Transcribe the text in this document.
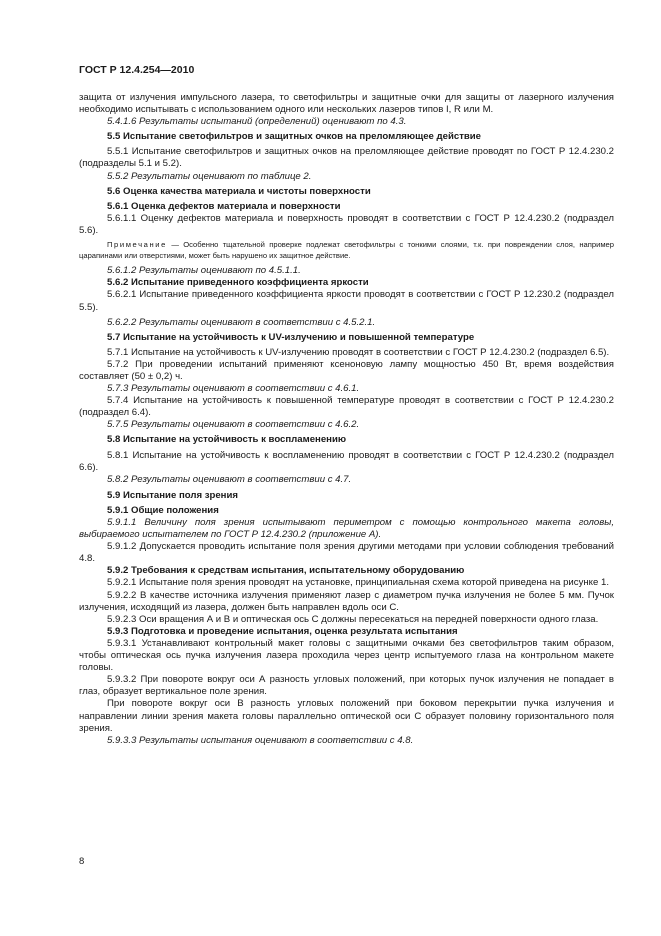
ГОСТ Р 12.4.254—2010

защита от излучения импульсного лазера, то светофильтры и защитные очки для защиты от лазерного излучения необходимо испытывать с использованием одного или нескольких лазеров типов I, R или M.

5.4.1.6 Результаты испытаний (определений) оценивают по 4.3.

5.5 Испытание светофильтров и защитных очков на преломляющее действие

5.5.1 Испытание светофильтров и защитных очков на преломляющее действие проводят по ГОСТ Р 12.4.230.2 (подразделы 5.1 и 5.2).

5.5.2 Результаты оценивают по таблице 2.

5.6 Оценка качества материала и чистоты поверхности

5.6.1 Оценка дефектов материала и поверхности

5.6.1.1 Оценку дефектов материала и поверхность проводят в соответствии с ГОСТ Р 12.4.230.2 (подраздел 5.6).

Примечание — Особенно тщательной проверке подлежат светофильтры с тонкими слоями, т.к. при повреждении слоя, например царапинами или отверстиями, может быть нарушено их защитное действие.

5.6.1.2 Результаты оценивают по 4.5.1.1.

5.6.2 Испытание приведенного коэффициента яркости

5.6.2.1 Испытание приведенного коэффициента яркости проводят в соответствии с ГОСТ Р 12.230.2 (подраздел 5.5).

5.6.2.2 Результаты оценивают в соответствии с 4.5.2.1.

5.7 Испытание на устойчивость к UV-излучению и повышенной температуре

5.7.1 Испытание на устойчивость к UV-излучению проводят в соответствии с ГОСТ Р 12.4.230.2 (подраздел 6.5).

5.7.2 При проведении испытаний применяют ксеноновую лампу мощностью 450 Вт, время воздействия составляет (50 ± 0,2) ч.

5.7.3 Результаты оценивают в соответствии с 4.6.1.

5.7.4 Испытание на устойчивость к повышенной температуре проводят в соответствии с ГОСТ Р 12.4.230.2 (подраздел 6.4).

5.7.5 Результаты оценивают в соответствии с 4.6.2.

5.8 Испытание на устойчивость к воспламенению

5.8.1 Испытание на устойчивость к воспламенению проводят в соответствии с ГОСТ Р 12.4.230.2 (подраздел 6.6).

5.8.2 Результаты оценивают в соответствии с 4.7.

5.9 Испытание поля зрения

5.9.1 Общие положения

5.9.1.1 Величину поля зрения испытывают периметром с помощью контрольного макета головы, выбираемого испытателем по ГОСТ Р 12.4.230.2 (приложение А).

5.9.1.2 Допускается проводить испытание поля зрения другими методами при условии соблюдения требований 4.8.

5.9.2 Требования к средствам испытания, испытательному оборудованию

5.9.2.1 Испытание поля зрения проводят на установке, принципиальная схема которой приведена на рисунке 1.

5.9.2.2 В качестве источника излучения применяют лазер с диаметром пучка излучения не более 5 мм. Пучок излучения, исходящий из лазера, должен быть направлен вдоль оси С.

5.9.2.3 Оси вращения А и В и оптическая ось С должны пересекаться на передней поверхности одного глаза.

5.9.3 Подготовка и проведение испытания, оценка результата испытания

5.9.3.1 Устанавливают контрольный макет головы с защитными очками без светофильтров таким образом, чтобы оптическая ось пучка излучения лазера проходила через центр испытуемого глаза на контрольном макете головы.

5.9.3.2 При повороте вокруг оси А разность угловых положений, при которых пучок излучения не попадает в глаз, образует вертикальное поле зрения.

При повороте вокруг оси В разность угловых положений при боковом перекрытии пучка излучения и направлении линии зрения макета головы параллельно оптической оси С образует половину горизонтального поля зрения.

5.9.3.3 Результаты испытания оценивают в соответствии с 4.8.

8
